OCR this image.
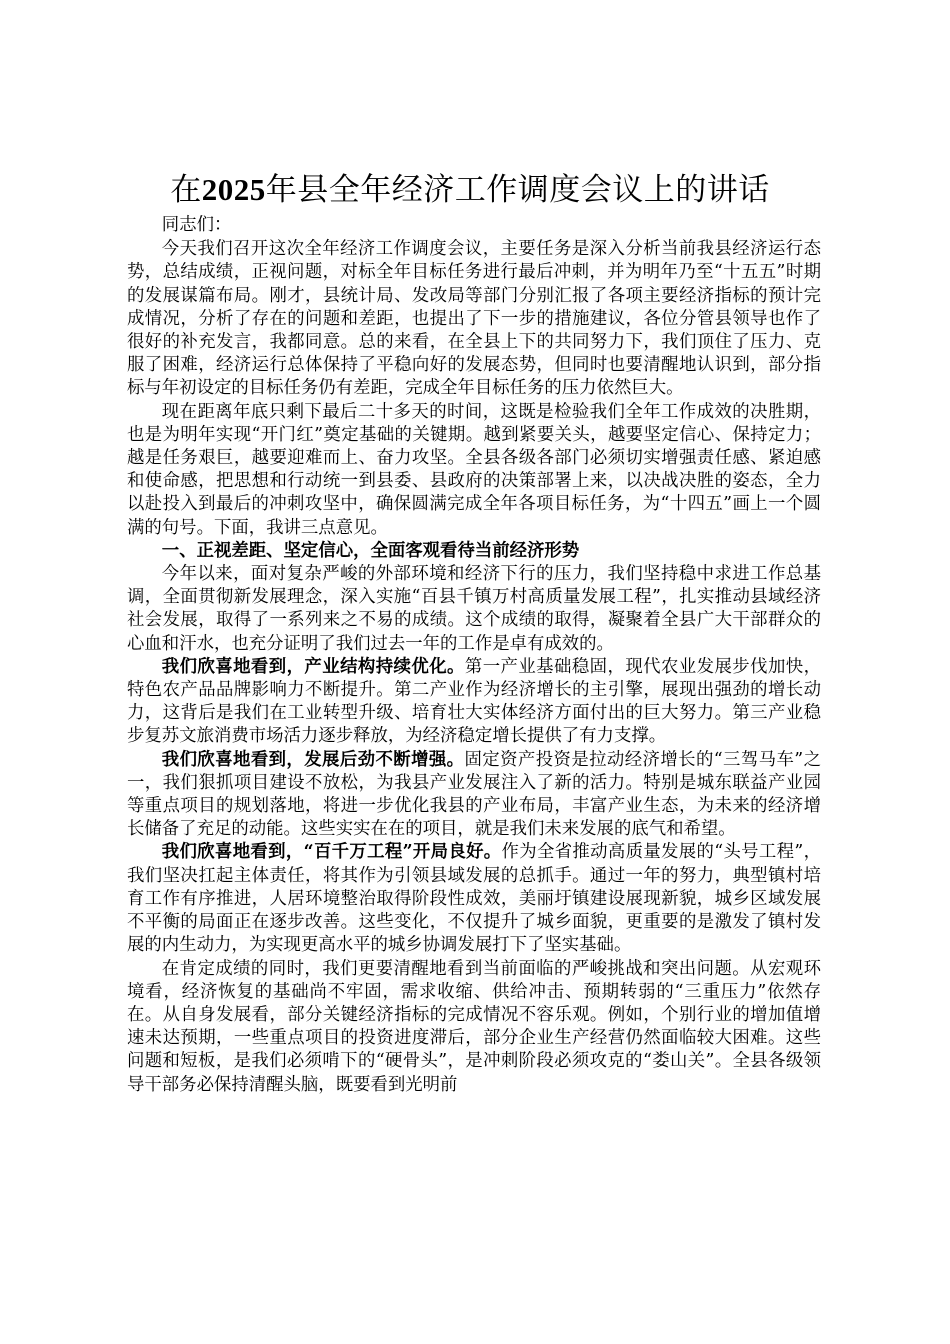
在2025年县全年经济工作调度会议上的讲话

同志们：

今天我们召开这次全年经济工作调度会议，主要任务是深入分析当前我县经济运行态势，总结成绩，正视问题，对标全年目标任务进行最后冲刺，并为明年乃至“十五五”时期的发展谋篇布局。刚才，县统计局、发改局等部门分别汇报了各项主要经济指标的预计完成情况，分析了存在的问题和差距，也提出了下一步的措施建议，各位分管县领导也作了很好的补充发言，我都同意。总的来看，在全县上下的共同努力下，我们顶住了压力、克服了困难，经济运行总体保持了平稳向好的发展态势，但同时也要清醒地认识到，部分指标与年初设定的目标任务仍有差距，完成全年目标任务的压力依然巨大。

现在距离年底只剩下最后二十多天的时间，这既是检验我们全年工作成效的决胜期，也是为明年实现“开门红”奠定基础的关键期。越到紧要关头，越要坚定信心、保持定力；越是任务艰巨，越要迎难而上、奋力攻坚。全县各级各部门必须切实增强责任感、紧迫感和使命感，把思想和行动统一到县委、县政府的决策部署上来，以决战决胜的姿态，全力以赴投入到最后的冲刺攻坚中，确保圆满完成全年各项目标任务，为“十四五”画上一个圆满的句号。下面，我讲三点意见。

一、正视差距、坚定信心，全面客观看待当前经济形势

今年以来，面对复杂严峻的外部环境和经济下行的压力，我们坚持稳中求进工作总基调，全面贯彻新发展理念，深入实施“百县千镇万村高质量发展工程”，扎实推动县域经济社会发展，取得了一系列来之不易的成绩。这个成绩的取得，凝聚着全县广大干部群众的心血和汗水，也充分证明了我们过去一年的工作是卓有成效的。

我们欣喜地看到，产业结构持续优化。第一产业基础稳固，现代农业发展步伐加快，特色农产品品牌影响力不断提升。第二产业作为经济增长的主引擎，展现出强劲的增长动力，这背后是我们在工业转型升级、培育壮大实体经济方面付出的巨大努力。第三产业稳步复苏文旅消费市场活力逐步释放，为经济稳定增长提供了有力支撑。

我们欣喜地看到，发展后劲不断增强。固定资产投资是拉动经济增长的“三驾马车”之一，我们狠抓项目建设不放松，为我县产业发展注入了新的活力。特别是城东联益产业园等重点项目的规划落地，将进一步优化我县的产业布局，丰富产业生态，为未来的经济增长储备了充足的动能。这些实实在在的项目，就是我们未来发展的底气和希望。

我们欣喜地看到，“百千万工程”开局良好。作为全省推动高质量发展的“头号工程”，我们坚决扛起主体责任，将其作为引领县域发展的总抓手。通过一年的努力，典型镇村培育工作有序推进，人居环境整治取得阶段性成效，美丽圩镇建设展现新貌，城乡区域发展不平衡的局面正在逐步改善。这些变化，不仅提升了城乡面貌，更重要的是激发了镇村发展的内生动力，为实现更高水平的城乡协调发展打下了坚实基础。

在肯定成绩的同时，我们更要清醒地看到当前面临的严峻挑战和突出问题。从宏观环境看，经济恢复的基础尚不牢固，需求收缩、供给冲击、预期转弱的“三重压力”依然存在。从自身发展看，部分关键经济指标的完成情况不容乐观。例如，个别行业的增加值增速未达预期，一些重点项目的投资进度滞后，部分企业生产经营仍然面临较大困难。这些问题和短板，是我们必须啃下的“硬骨头”，是冲刺阶段必须攻克的“娄山关”。全县各级领导干部务必保持清醒头脑，既要看到光明前
